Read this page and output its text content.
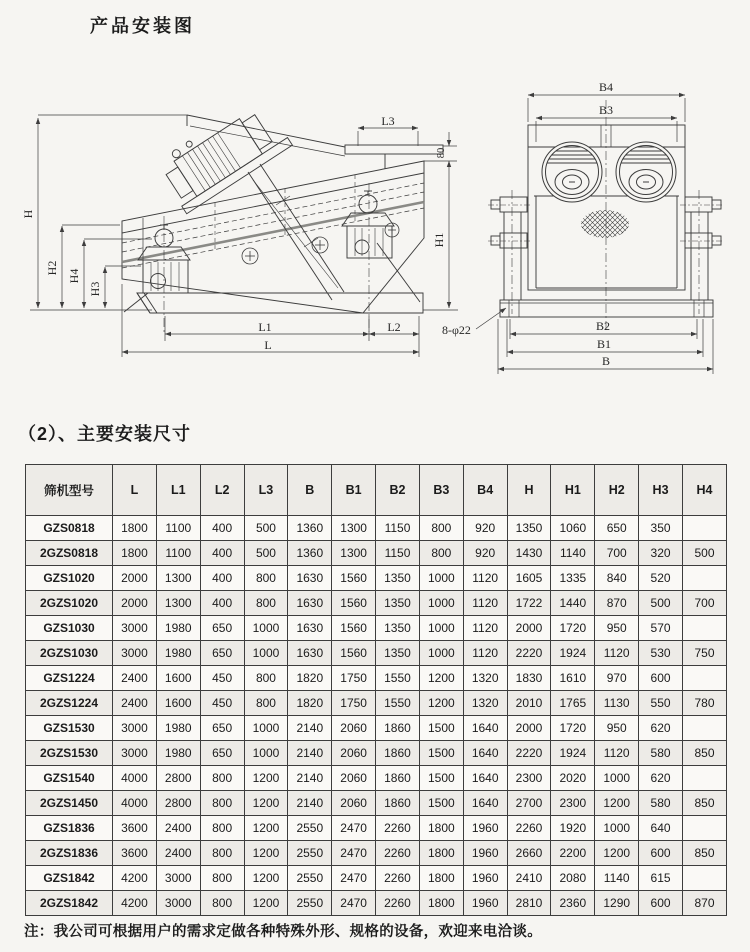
产品安装图
H
H2
H4
H3
L3
80
H1
L1	L2
L
B4
B3
B2
B1
B
8-φ22
（2）、主要安装尺寸
筛机型号	L	L1	L2	L3	B	B1	B2	B3	B4	H	H1	H2	H3	H4
GZS0818	1800	1100	400	500	1360	1300	1150	800	920	1350	1060	650	350	
2GZS0818	1800	1100	400	500	1360	1300	1150	800	920	1430	1140	700	320	500
GZS1020	2000	1300	400	800	1630	1560	1350	1000	1120	1605	1335	840	520	
2GZS1020	2000	1300	400	800	1630	1560	1350	1000	1120	1722	1440	870	500	700
GZS1030	3000	1980	650	1000	1630	1560	1350	1000	1120	2000	1720	950	570	
2GZS1030	3000	1980	650	1000	1630	1560	1350	1000	1120	2220	1924	1120	530	750
GZS1224	2400	1600	450	800	1820	1750	1550	1200	1320	1830	1610	970	600	
2GZS1224	2400	1600	450	800	1820	1750	1550	1200	1320	2010	1765	1130	550	780
GZS1530	3000	1980	650	1000	2140	2060	1860	1500	1640	2000	1720	950	620	
2GZS1530	3000	1980	650	1000	2140	2060	1860	1500	1640	2220	1924	1120	580	850
GZS1540	4000	2800	800	1200	2140	2060	1860	1500	1640	2300	2020	1000	620	
2GZS1450	4000	2800	800	1200	2140	2060	1860	1500	1640	2700	2300	1200	580	850
GZS1836	3600	2400	800	1200	2550	2470	2260	1800	1960	2260	1920	1000	640	
2GZS1836	3600	2400	800	1200	2550	2470	2260	1800	1960	2660	2200	1200	600	850
GZS1842	4200	3000	800	1200	2550	2470	2260	1800	1960	2410	2080	1140	615	
2GZS1842	4200	3000	800	1200	2550	2470	2260	1800	1960	2810	2360	1290	600	870
注：我公司可根据用户的需求定做各种特殊外形、规格的设备，欢迎来电洽谈。
